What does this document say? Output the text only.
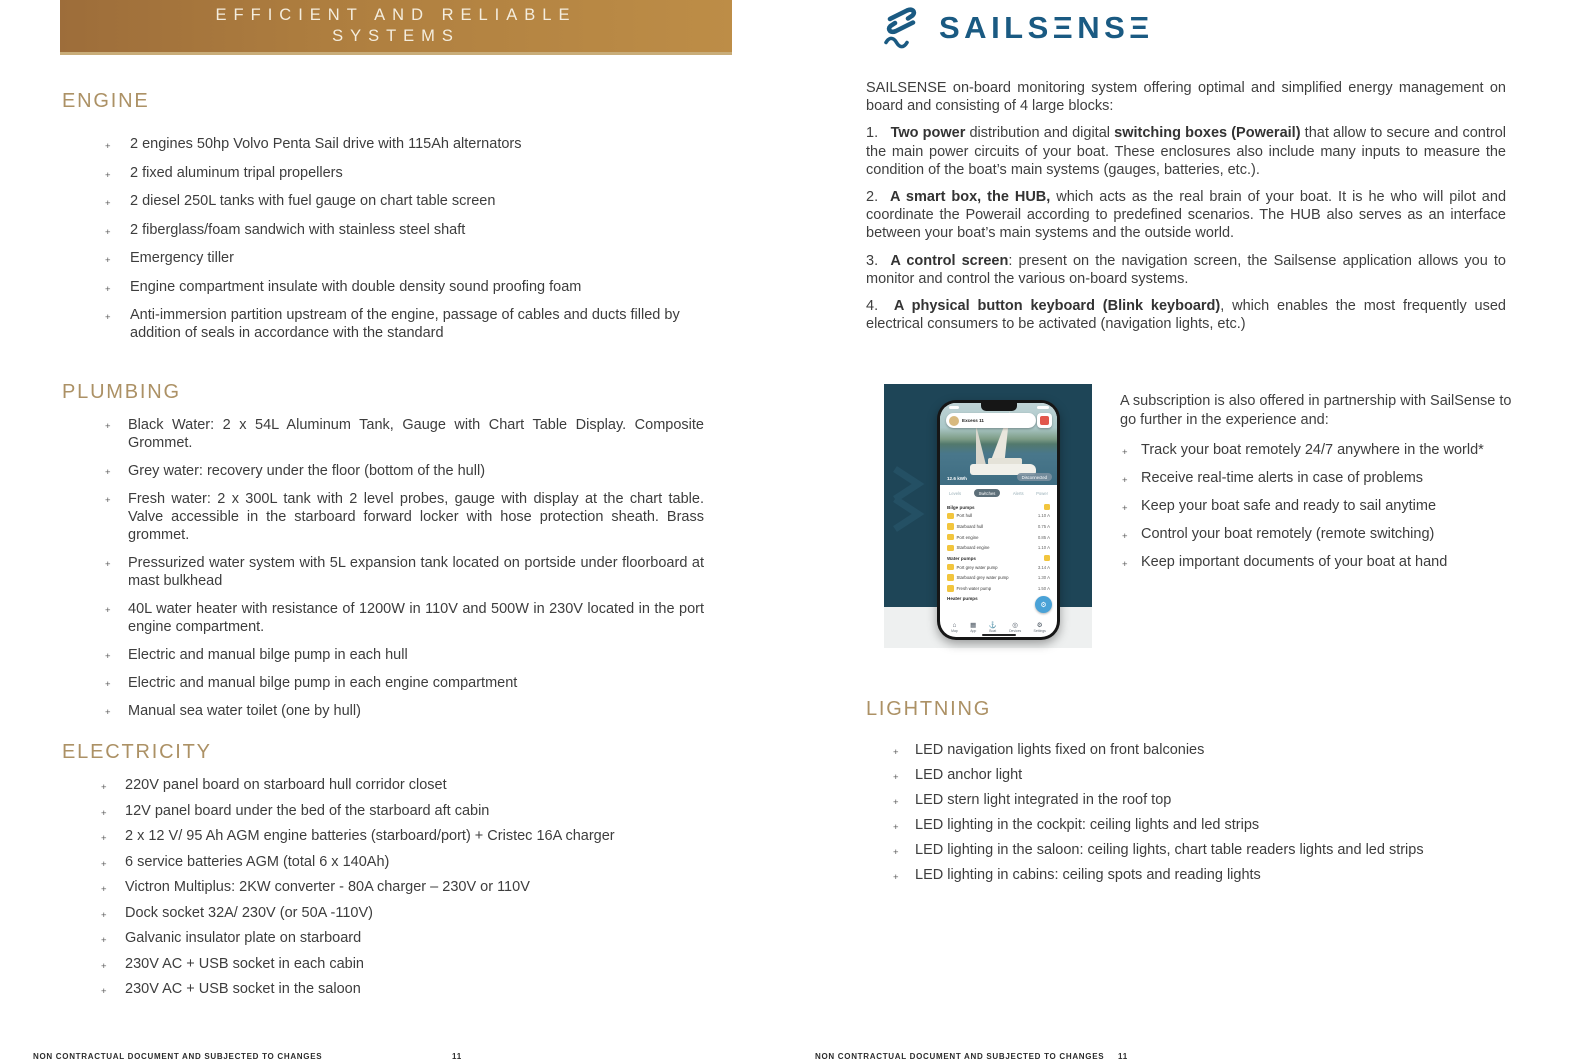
EFFICIENT AND RELIABLE
SYSTEMS
ENGINE
+ 2 engines 50hp Volvo Penta Sail drive with 115Ah alternators
+ 2 fixed aluminum tripal propellers
+ 2 diesel 250L tanks with fuel gauge on chart table screen
+ 2 fiberglass/foam sandwich with stainless steel shaft
+ Emergency tiller
+ Engine compartment insulate with double density sound proofing foam
+ Anti-immersion partition upstream of the engine, passage of cables and ducts filled by addition of seals in accordance with the standard
PLUMBING
+ Black Water: 2 x 54L Aluminum Tank, Gauge with Chart Table Display. Composite Grommet.
+ Grey water: recovery under the floor (bottom of the hull)
+ Fresh water: 2 x 300L tank with 2 level probes, gauge with display at the chart table. Valve accessible in the starboard forward locker with hose protection sheath. Brass grommet.
+ Pressurized water system with 5L expansion tank located on portside under floorboard at mast bulkhead
+ 40L water heater with resistance of 1200W in 110V and 500W in 230V located in the port engine compartment.
+ Electric and manual bilge pump in each hull
+ Electric and manual bilge pump in each engine compartment
+ Manual sea water toilet (one by hull)
ELECTRICITY
+ 220V panel board on starboard hull corridor closet
+ 12V panel board under the bed of the starboard aft cabin
+ 2 x 12 V/ 95 Ah AGM engine batteries (starboard/port) + Cristec 16A charger
+ 6 service batteries AGM (total 6 x 140Ah)
+ Victron Multiplus: 2KW converter - 80A charger – 230V or 110V
+ Dock socket 32A/ 230V (or 50A -110V)
+ Galvanic insulator plate on starboard
+ 230V AC + USB socket in each cabin
+ 230V AC + USB socket in the saloon
SAILSΞNSΞ

SAILSENSE on-board monitoring system offering optimal and simplified energy management on board and consisting of 4 large blocks:

1.   Two power distribution and digital switching boxes (Powerail) that allow to secure and control the main power circuits of your boat. These enclosures also include many inputs to measure the condition of the boat’s main systems (gauges, batteries, etc.).

2.  A smart box, the HUB, which acts as the real brain of your boat. It is he who will pilot and coordinate the Powerail according to predefined scenarios. The HUB also serves as an interface between your boat’s main systems and the outside world.

3.  A control screen: present on the navigation screen, the Sailsense application allows you to monitor and control the various on-board systems.

4.  A physical button keyboard (Blink keyboard), which enables the most frequently used electrical consumers to be activated (navigation lights, etc.)

Excess 11
12.6 kWh	Disconnected
Levels	Switches	Alerts	Power
Bilge pumps
Port hull	1.10 A
Starboard hull	0.75 A
Port engine	0.85 A
Starboard engine	1.10 A
Water pumps
Port grey water pump	3.14 A
Starboard grey water pump	1.30 A
Fresh water pump	1.50 A
Heater pumps
⚙
⌂
Map
▦
App
⚓
Boat
◎
Devices
⚙
Settings

A subscription is also offered in partnership with SailSense to go further in the experience and:

+ Track your boat remotely 24/7 anywhere in the world*
+ Receive real-time alerts in case of problems
+ Keep your boat safe and ready to sail anytime
+ Control your boat remotely (remote switching)
+ Keep important documents of your boat at hand
LIGHTNING
+ LED navigation lights fixed on front balconies
+ LED anchor light
+ LED stern light integrated in the roof top
+ LED lighting in the cockpit: ceiling lights and led strips
+ LED lighting in the saloon: ceiling lights, chart table readers lights and led strips
+ LED lighting in cabins: ceiling spots and reading lights
NON CONTRACTUAL DOCUMENT AND SUBJECTED TO CHANGES	11	NON CONTRACTUAL DOCUMENT AND SUBJECTED TO CHANGES 11
